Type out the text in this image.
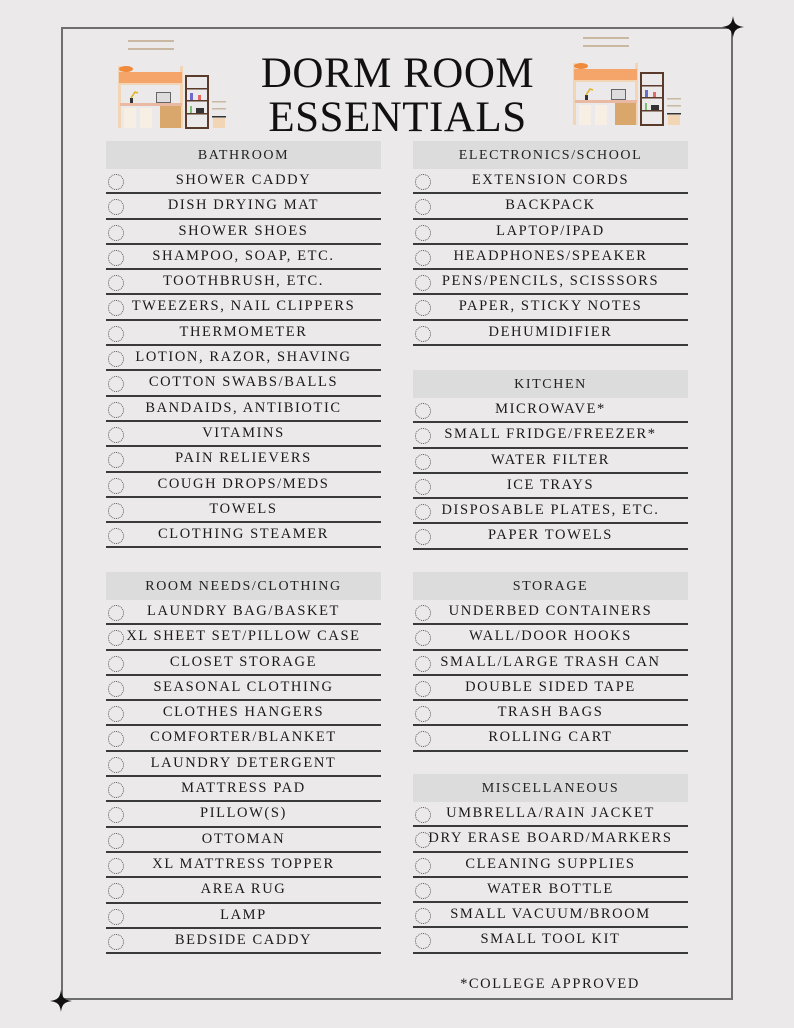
DORM ROOM
ESSENTIALS
BATHROOM
SHOWER CADDY
DISH DRYING MAT
SHOWER SHOES
SHAMPOO, SOAP, ETC.
TOOTHBRUSH, ETC.
TWEEZERS, NAIL CLIPPERS
THERMOMETER
LOTION, RAZOR, SHAVING
COTTON SWABS/BALLS
BANDAIDS, ANTIBIOTIC
VITAMINS
PAIN RELIEVERS
COUGH DROPS/MEDS
TOWELS
CLOTHING STEAMER
ELECTRONICS/SCHOOL
EXTENSION CORDS
BACKPACK
LAPTOP/IPAD
HEADPHONES/SPEAKER
PENS/PENCILS, SCISSSORS
PAPER, STICKY NOTES
DEHUMIDIFIER
KITCHEN
MICROWAVE*
SMALL FRIDGE/FREEZER*
WATER FILTER
ICE TRAYS
DISPOSABLE PLATES, ETC.
PAPER TOWELS
ROOM NEEDS/CLOTHING
LAUNDRY BAG/BASKET
XL SHEET SET/PILLOW CASE
CLOSET STORAGE
SEASONAL CLOTHING
CLOTHES HANGERS
COMFORTER/BLANKET
LAUNDRY DETERGENT
MATTRESS PAD
PILLOW(S)
OTTOMAN
XL MATTRESS TOPPER
AREA RUG
LAMP
BEDSIDE CADDY
STORAGE
UNDERBED CONTAINERS
WALL/DOOR HOOKS
SMALL/LARGE TRASH CAN
DOUBLE SIDED TAPE
TRASH BAGS
ROLLING CART
MISCELLANEOUS
UMBRELLA/RAIN JACKET
DRY ERASE BOARD/MARKERS
CLEANING SUPPLIES
WATER BOTTLE
SMALL VACUUM/BROOM
SMALL TOOL KIT
*COLLEGE APPROVED
